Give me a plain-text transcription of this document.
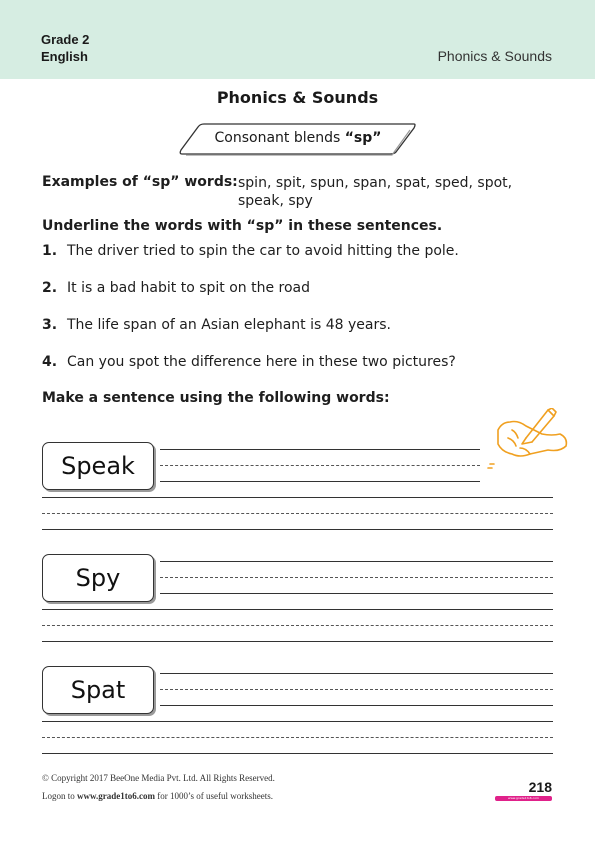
Grade 2
English	Phonics & Sounds
Phonics & Sounds
Consonant blends “sp”
Examples of “sp” words: spin, spit, spun, span, spat, sped, spot, speak, spy
Underline the words with “sp” in these sentences.
1. The driver tried to spin the car to avoid hitting the pole.
2. It is a bad habit to spit on the road
3. The life span of an Asian elephant is 48 years.
4. Can you spot the difference here in these two pictures?
Make a sentence using the following words:
Speak
Spy
Spat
© Copyright 2017 BeeOne Media Pvt. Ltd. All Rights Reserved.
Logon to www.grade1to6.com for 1000’s of useful worksheets.
218
www.grade1to6.com
